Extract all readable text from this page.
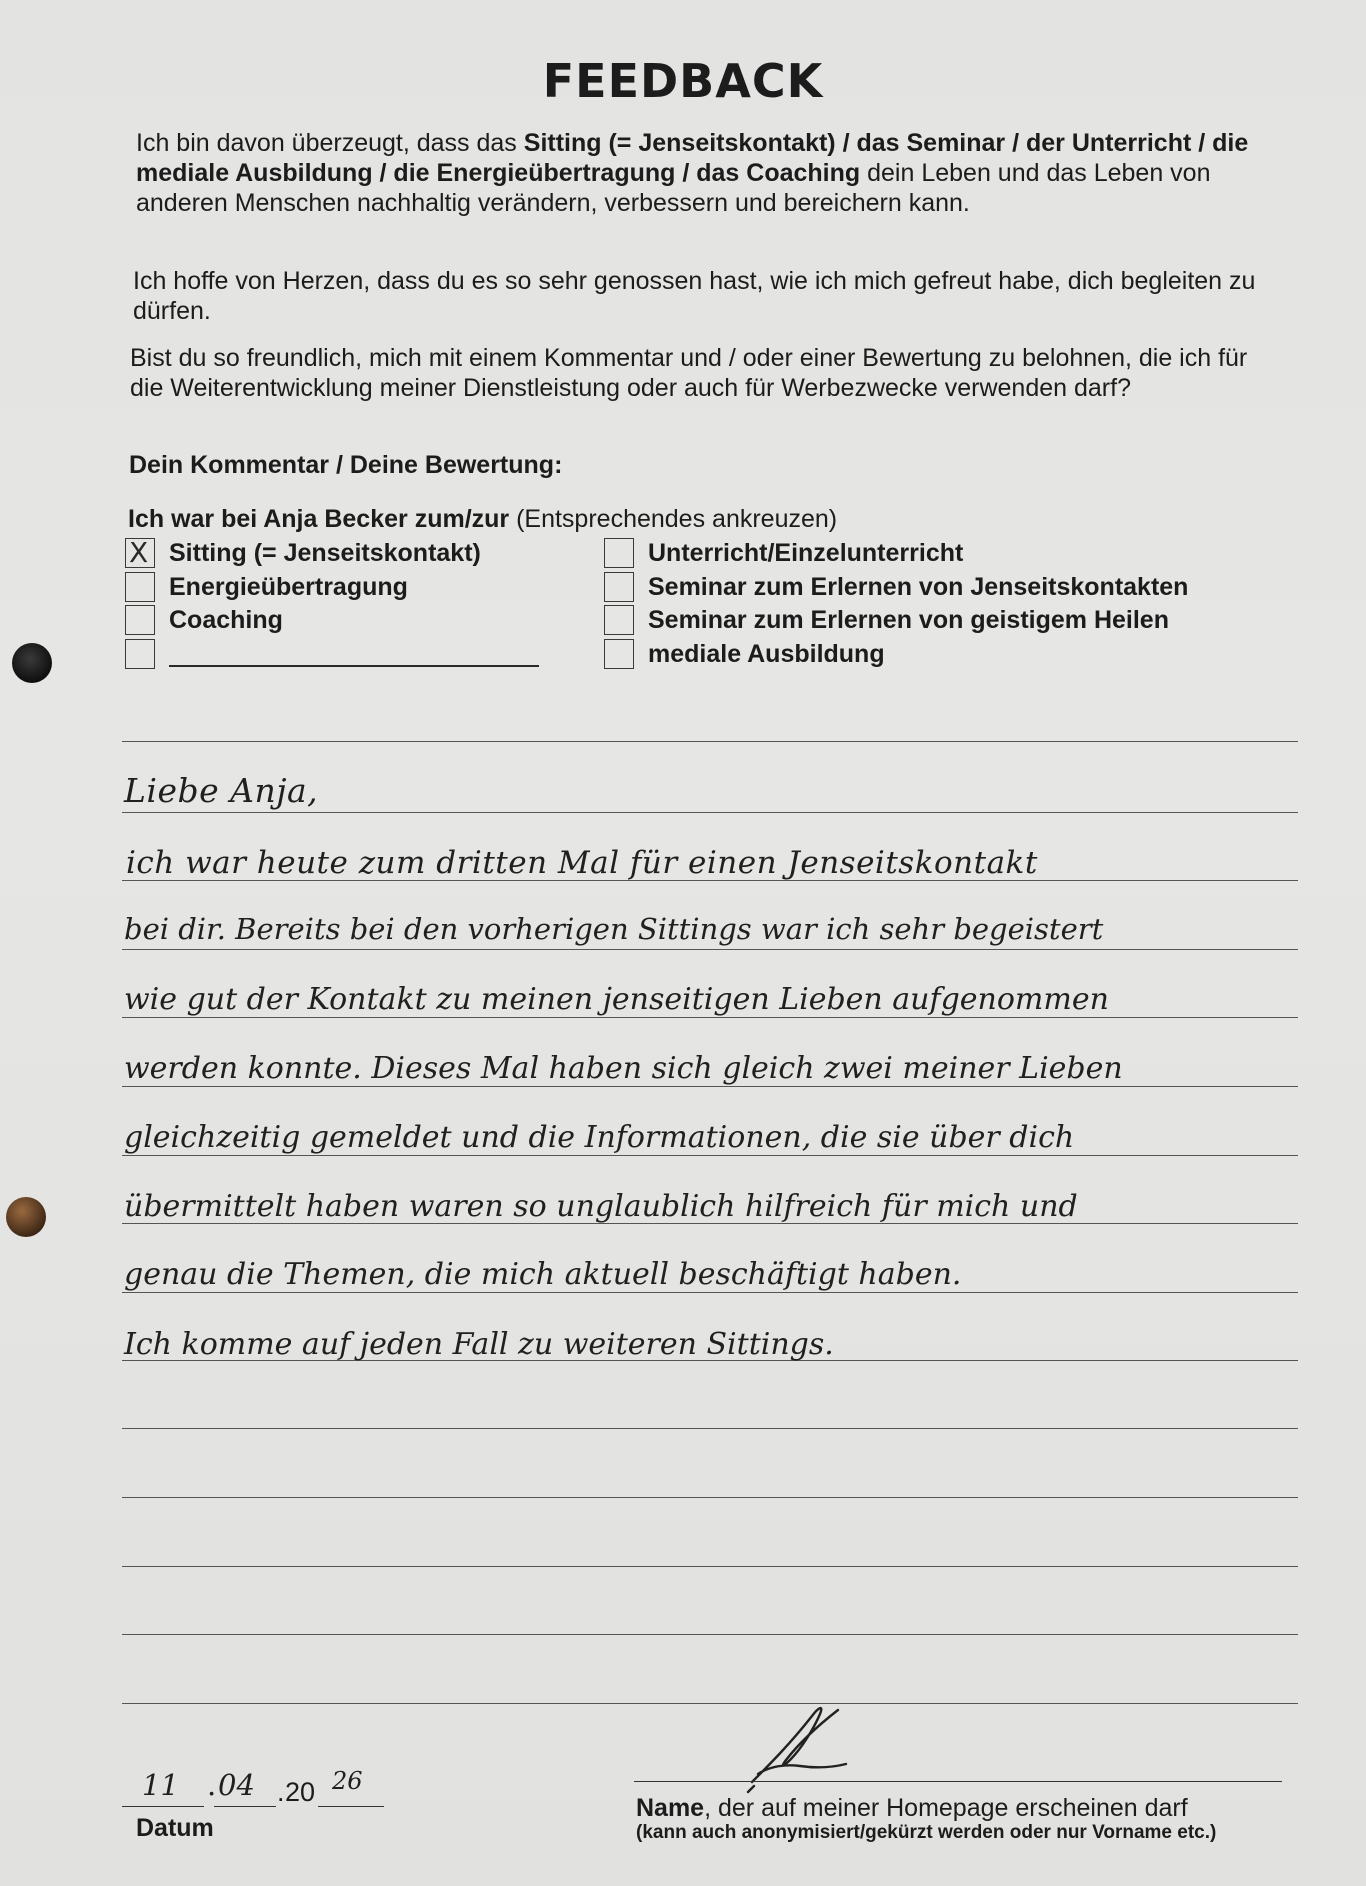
FEEDBACK
Ich bin davon überzeugt, dass das Sitting (= Jenseitskontakt) / das Seminar / der Unterricht / die mediale Ausbildung / die Energieübertragung / das Coaching dein Leben und das Leben von anderen Menschen nachhaltig verändern, verbessern und bereichern kann.
Ich hoffe von Herzen, dass du es so sehr genossen hast, wie ich mich gefreut habe, dich begleiten zu dürfen.
Bist du so freundlich, mich mit einem Kommentar und / oder einer Bewertung zu belohnen, die ich für die Weiterentwicklung meiner Dienstleistung oder auch für Werbezwecke verwenden darf?
Dein Kommentar / Deine Bewertung:
Ich war bei Anja Becker zum/zur (Entsprechendes ankreuzen)
X Sitting (= Jenseitskontakt)
Energieübertragung
Coaching
Unterricht/Einzelunterricht
Seminar zum Erlernen von Jenseitskontakten
Seminar zum Erlernen von geistigem Heilen
mediale Ausbildung
Liebe Anja,
ich war heute zum dritten Mal für einen Jenseitskontakt
bei dir. Bereits bei den vorherigen Sittings war ich sehr begeistert
wie gut der Kontakt zu meinen jenseitigen Lieben aufgenommen
werden konnte. Dieses Mal haben sich gleich zwei meiner Lieben
gleichzeitig gemeldet und die Informationen, die sie über dich
übermittelt haben waren so unglaublich hilfreich für mich und
genau die Themen, die mich aktuell beschäftigt haben.
Ich komme auf jeden Fall zu weiteren Sittings.
11 . 04 . 20 26
Datum
Name, der auf meiner Homepage erscheinen darf
(kann auch anonymisiert/gekürzt werden oder nur Vorname etc.)
